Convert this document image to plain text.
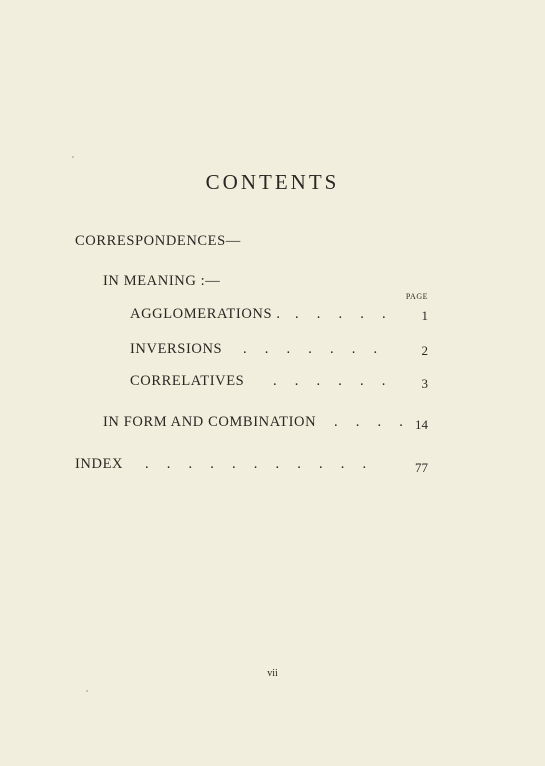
CONTENTS
CORRESPONDENCES—
IN MEANING :—
PAGE
AGGLOMERATIONS . .     .     .     .     .	1
INVERSIONS .     .     .     .     .     .     .	2
CORRELATIVES .     .     .     .     .     .	3
IN FORM AND COMBINATION .     .     .     . 14
INDEX .     .     .     .     .     .     .     .     .     .     .	77
vii
